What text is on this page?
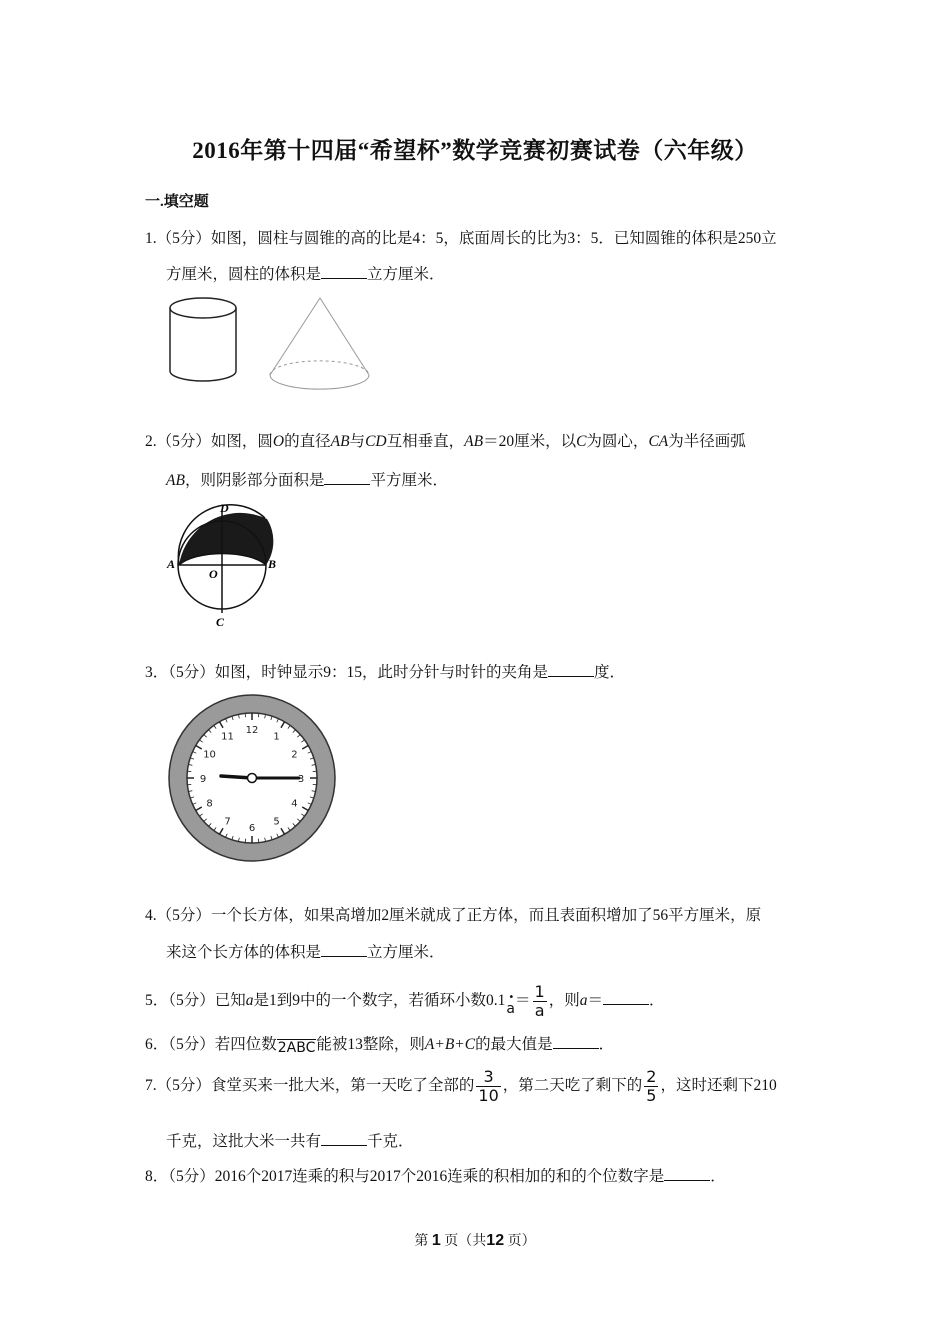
2016年第十四届“希望杯”数学竞赛初赛试卷（六年级）
一.填空题
1.（5分）如图，圆柱与圆锥的高的比是4：5，底面周长的比为3：5．已知圆锥的体积是250立
方厘米，圆柱的体积是	立方厘米．
2.（5分）如图，圆O的直径AB与CD互相垂直，AB＝20厘米，以C为圆心，CA为半径画弧
AB，则阴影部分面积是	平方厘米．
D
A	B
O
C
3．（5分）如图，时钟显示9：15，此时分针与时针的夹角是	度．
12
1
2
3
4
5
6
7
8
9
10
11
4.（5分）一个长方体，如果高增加2厘米就成了正方体，而且表面积增加了56平方厘米，原
来这个长方体的体积是	立方厘米．
5．（5分）已知a是1到9中的一个数字，若循环小数0.1 •
$a= \frac{1}{a}$ ，则a＝	．
6．（5分）若四位数2ABC能被13整除，则A+B+C的最大值是	．
7.（5分）食堂买来一批大米，第一天吃了全部的 $\frac{3}{10}$ ，第二天吃了剩下的 $\frac{2}{5}$ ，这时还剩下210
千克，这批大米一共有	千克．
8．（5分）2016个2017连乘的积与2017个2016连乘的积相加的和的个位数字是	．
第 1 页（共12 页）
